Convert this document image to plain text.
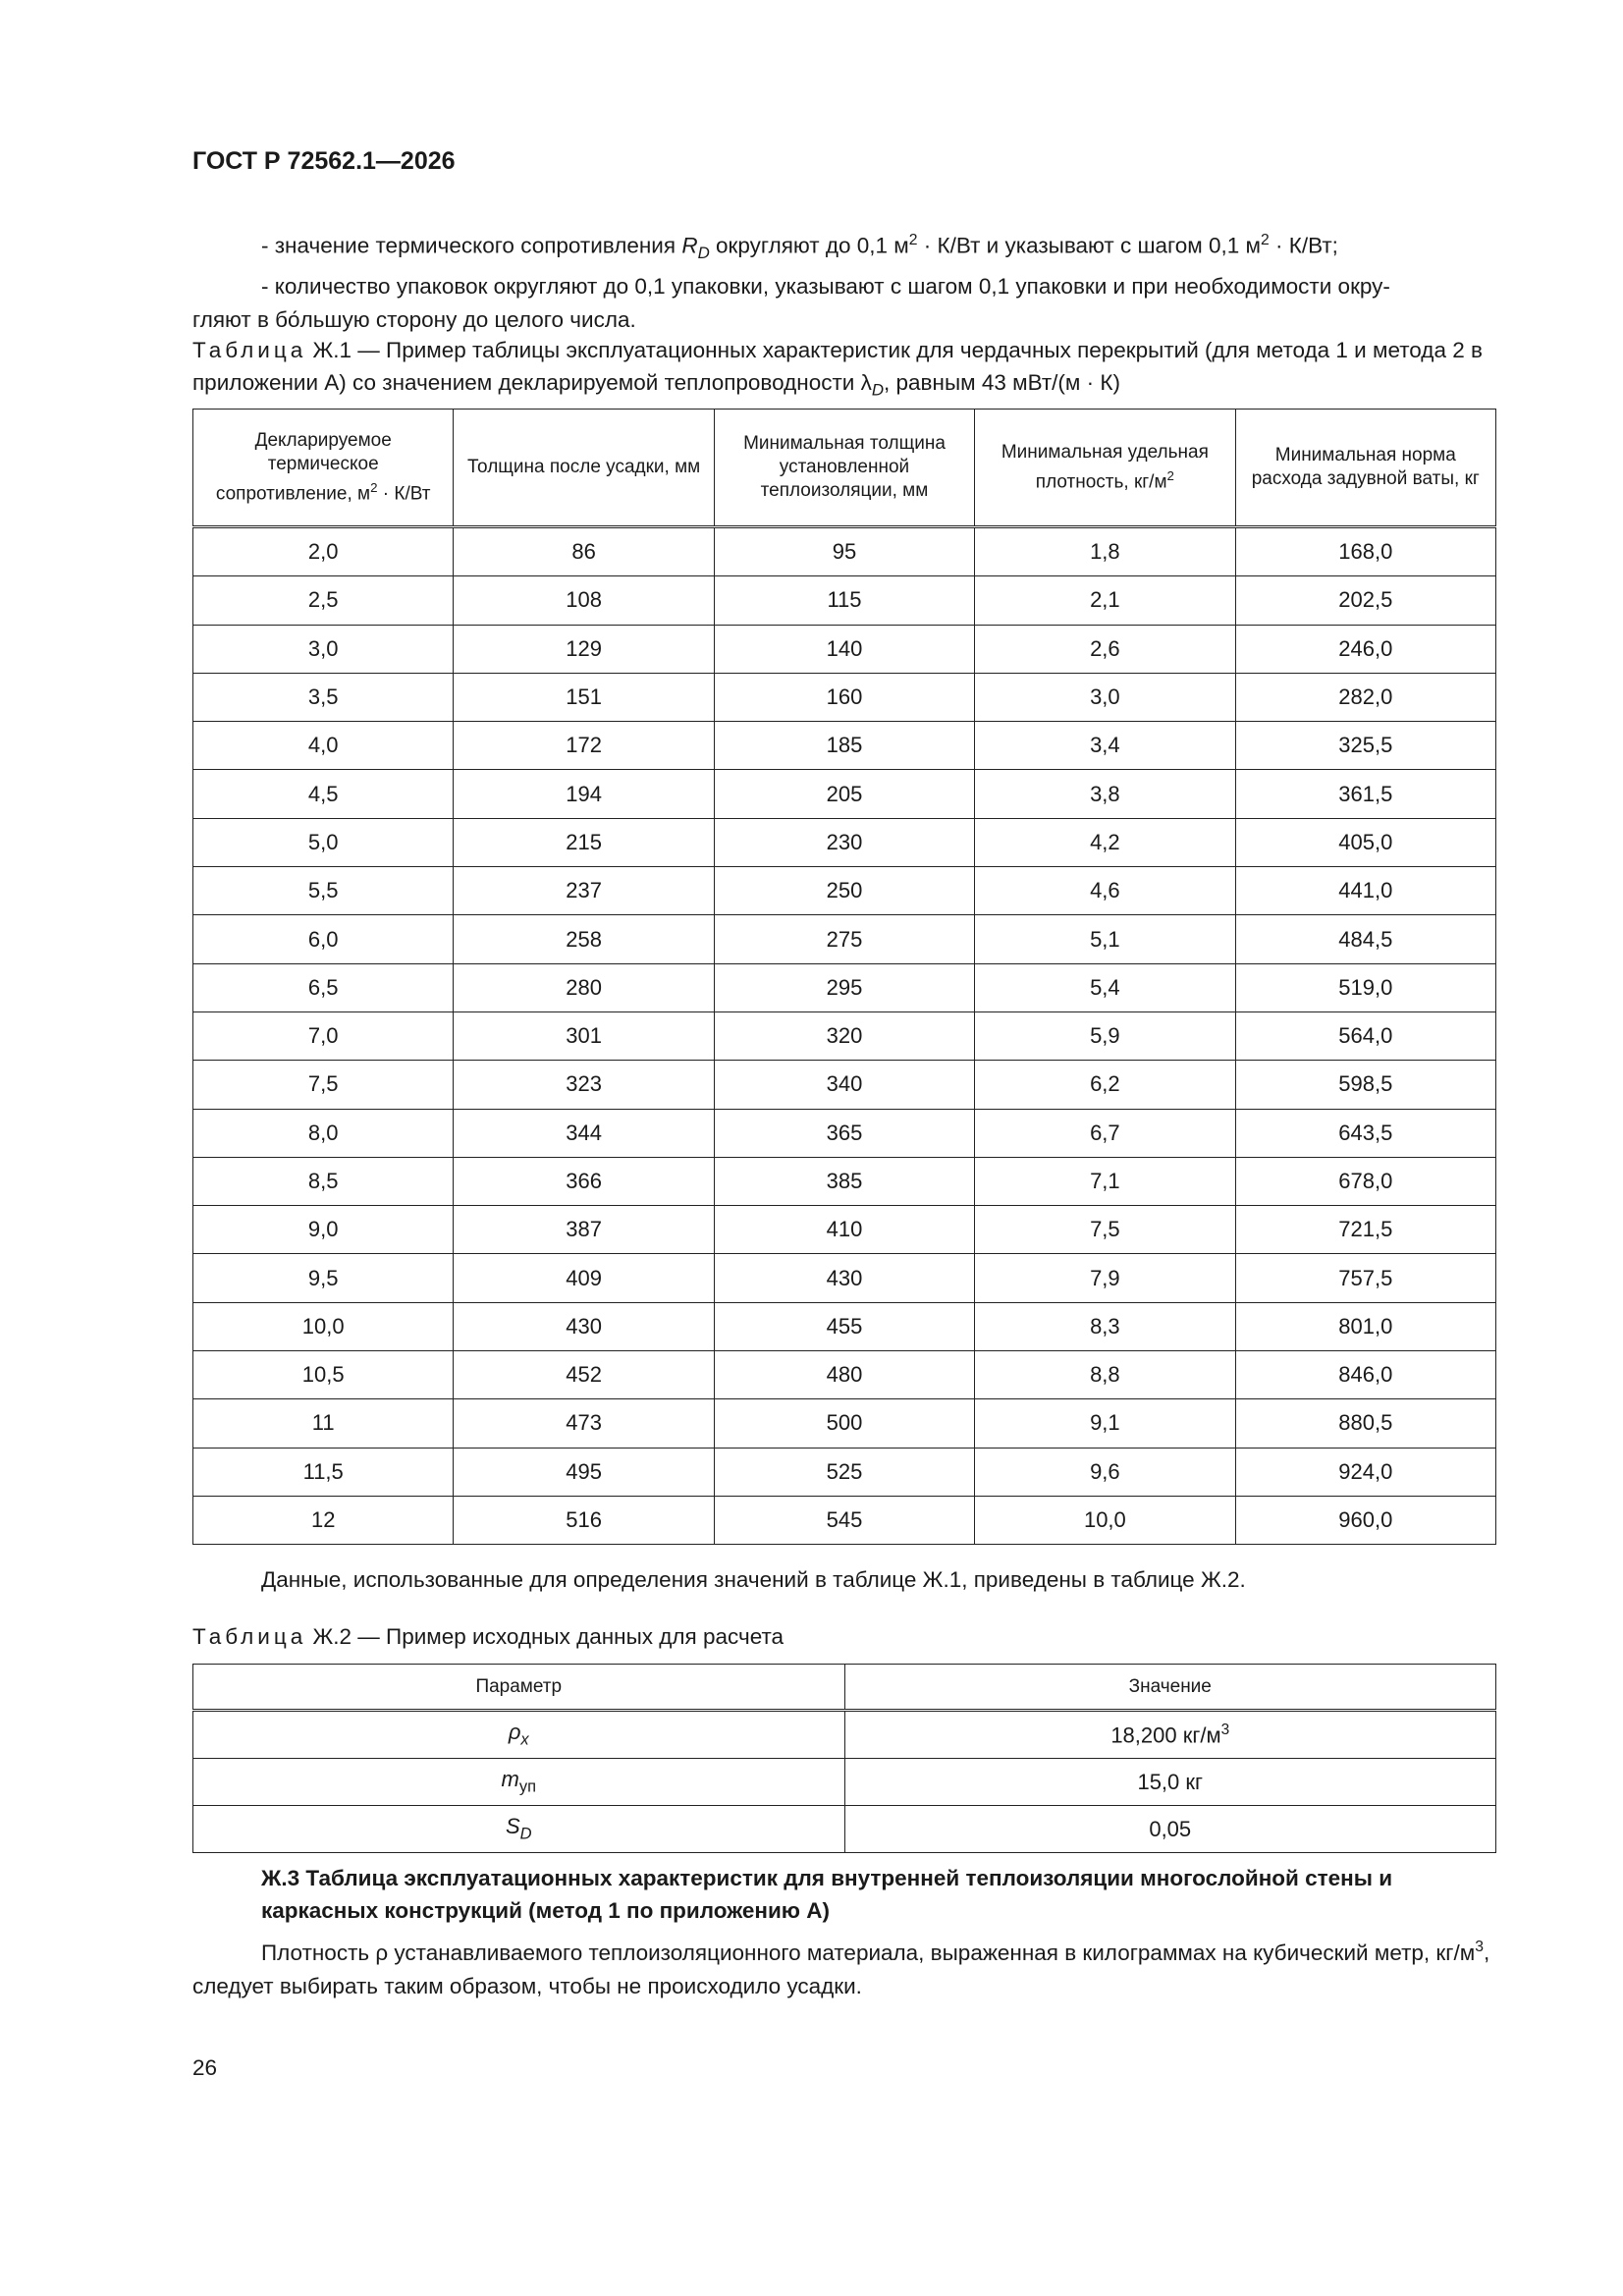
ГОСТ Р 72562.1—2026
- значение термического сопротивления $R_D$ округляют до 0,1 $м^2 \cdot К/Вт$ и указывают с шагом 0,1 $м^2 \cdot К/Вт$;
- количество упаковок округляют до 0,1 упаковки, указывают с шагом 0,1 упаковки и при необходимости окру-
гляют в бо́льшую сторону до целого числа.
Таблица Ж.1 — Пример таблицы эксплуатационных характеристик для чердачных перекрытий (для метода 1 и метода 2 в приложении А) со значением декларируемой теплопроводности $\lambda_D$, равным 43 мВт/(м · К)
Декларируемое термическое сопротивление, $м^2 \cdot К/Вт$	Толщина после усадки, мм	Минимальная толщина установленной теплоизоляции, мм	Минимальная удельная плотность, $кг/м^2$	Минимальная норма расхода задувной ваты, кг
2,0	86	95	1,8	168,0
2,5	108	115	2,1	202,5
3,0	129	140	2,6	246,0
3,5	151	160	3,0	282,0
4,0	172	185	3,4	325,5
4,5	194	205	3,8	361,5
5,0	215	230	4,2	405,0
5,5	237	250	4,6	441,0
6,0	258	275	5,1	484,5
6,5	280	295	5,4	519,0
7,0	301	320	5,9	564,0
7,5	323	340	6,2	598,5
8,0	344	365	6,7	643,5
8,5	366	385	7,1	678,0
9,0	387	410	7,5	721,5
9,5	409	430	7,9	757,5
10,0	430	455	8,3	801,0
10,5	452	480	8,8	846,0
11	473	500	9,1	880,5
11,5	495	525	9,6	924,0
12	516	545	10,0	960,0
Данные, использованные для определения значений в таблице Ж.1, приведены в таблице Ж.2.
Таблица Ж.2 — Пример исходных данных для расчета
Параметр	Значение
$\rho_x$	18,200 $кг/м^3$
$m_{уп}$	15,0 кг
$S_D$	0,05
Ж.3 Таблица эксплуатационных характеристик для внутренней теплоизоляции многослойной стены и каркасных конструкций (метод 1 по приложению А)
Плотность ρ устанавливаемого теплоизоляционного материала, выраженная в килограммах на кубический метр, $кг/м^3$, следует выбирать таким образом, чтобы не происходило усадки.
26
